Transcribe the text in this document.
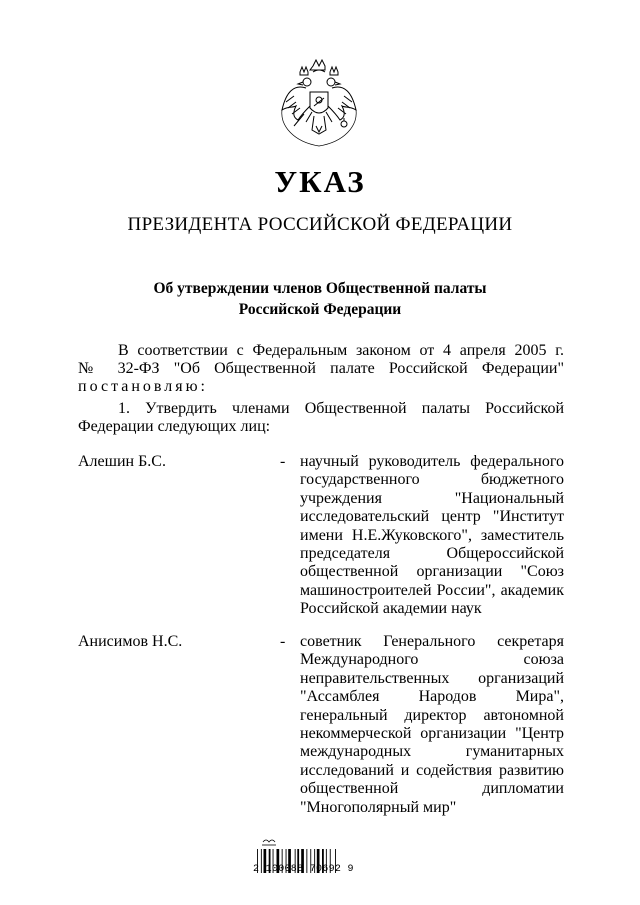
УКАЗ
ПРЕЗИДЕНТА РОССИЙСКОЙ ФЕДЕРАЦИИ
Об утверждении членов Общественной палаты
Российской Федерации
В соответствии с Федеральным законом от 4 апреля 2005 г.
№ 32-ФЗ "Об Общественной палате Российской Федерации"
постановляю:
1. Утвердить членами Общественной палаты Российской
Федерации следующих лиц:
Алешин Б.С.	- научный руководитель федерального
государственного бюджетного
учреждения "Национальный
исследовательский центр "Институт
имени Н.Е.Жуковского", заместитель
председателя Общероссийской
общественной организации "Союз
машиностроителей России", академик
Российской академии наук
Анисимов Н.С.	- советник Генерального секретаря
Международного союза
неправительственных организаций
"Ассамблея Народов Мира",
генеральный директор автономной
некоммерческой организации "Центр
международных гуманитарных
исследований и содействия развитию
общественной дипломатии
"Многополярный мир"
2 100088 70692 9
